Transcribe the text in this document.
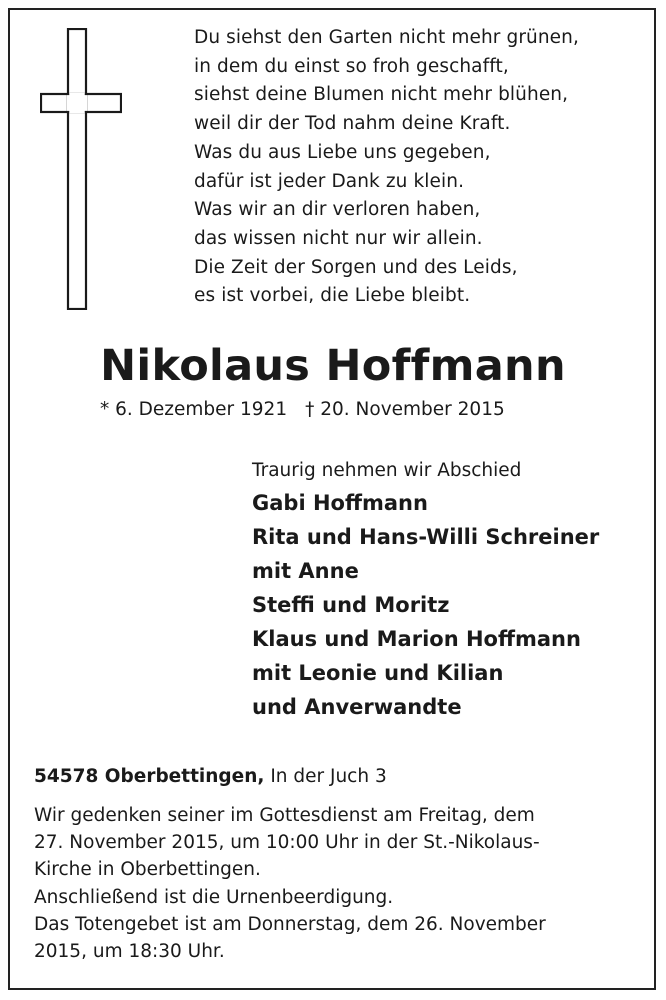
Du siehst den Garten nicht mehr grünen,
in dem du einst so froh geschafft,
siehst deine Blumen nicht mehr blühen,
weil dir der Tod nahm deine Kraft.
Was du aus Liebe uns gegeben,
dafür ist jeder Dank zu klein.
Was wir an dir verloren haben,
das wissen nicht nur wir allein.
Die Zeit der Sorgen und des Leids,
es ist vorbei, die Liebe bleibt.
Nikolaus Hoffmann
* 6. Dezember 1921 † 20. November 2015
Traurig nehmen wir Abschied
Gabi Hoffmann
Rita und Hans-Willi Schreiner
mit Anne
Steffi und Moritz
Klaus und Marion Hoffmann
mit Leonie und Kilian
und Anverwandte
54578 Oberbettingen, In der Juch 3
Wir gedenken seiner im Gottesdienst am Freitag, dem
27. November 2015, um 10:00 Uhr in der St.-Nikolaus-
Kirche in Oberbettingen.
Anschließend ist die Urnenbeerdigung.
Das Totengebet ist am Donnerstag, dem 26. November
2015, um 18:30 Uhr.
